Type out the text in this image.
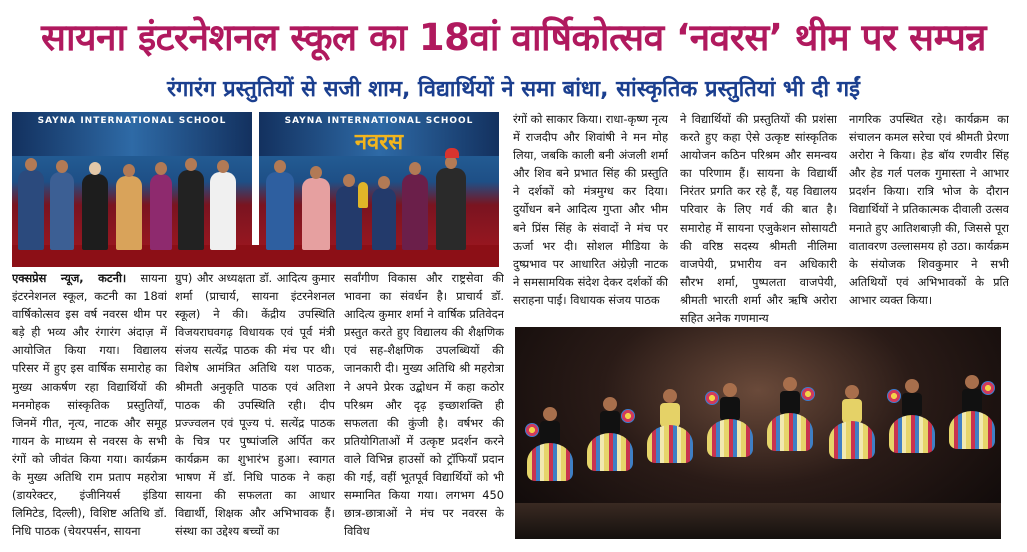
सायना इंटरनेशनल स्कूल का 18वां वार्षिकोत्सव ‘नवरस’ थीम पर सम्पन्न
रंगारंग प्रस्तुतियों से सजी शाम, विद्यार्थियों ने समा बांधा, सांस्कृतिक प्रस्तुतियां भी दी गईं
SAYNA INTERNATIONAL SCHOOL	SAYNA INTERNATIONAL SCHOOL
नवरस
एक्सप्रेस न्यूज, कटनी। सायना इंटरनेशनल स्कूल, कटनी का 18वां वार्षिकोत्सव इस वर्ष नवरस थीम पर बड़े ही भव्य और रंगारंग अंदाज़ में आयोजित किया गया। विद्यालय परिसर में हुए इस वार्षिक समारोह का मुख्य आकर्षण रहा विद्यार्थियों की मनमोहक सांस्कृतिक प्रस्तुतियाँ, जिनमें गीत, नृत्य, नाटक और समूह गायन के माध्यम से नवरस के सभी रंगों को जीवंत किया गया। कार्यक्रम के मुख्य अतिथि राम प्रताप महरोत्रा (डायरेक्टर, इंजीनियर्स इंडिया लिमिटेड, दिल्ली), विशिष्ट अतिथि डॉ. निधि पाठक (चेयरपर्सन, सायना
ग्रुप) और अध्यक्षता डॉ. आदित्य कुमार शर्मा (प्राचार्य, सायना इंटरनेशनल स्कूल) ने की। केंद्रीय उपस्थिति विजयराघवगढ़ विधायक एवं पूर्व मंत्री संजय सत्येंद्र पाठक की मंच पर थी। विशेष आमंत्रित अतिथि यश पाठक, श्रीमती अनुकृति पाठक एवं अतिशा पाठक की उपस्थिति रही। दीप प्रज्ज्वलन एवं पूज्य पं. सत्येंद्र पाठक के चित्र पर पुष्पांजलि अर्पित कर कार्यक्रम का शुभारंभ हुआ। स्वागत भाषण में डॉ. निधि पाठक ने कहा सायना की सफलता का आधार विद्यार्थी, शिक्षक और अभिभावक हैं। संस्था का उद्देश्य बच्चों का
सर्वांगीण विकास और राष्ट्रसेवा की भावना का संवर्धन है। प्राचार्य डॉ. आदित्य कुमार शर्मा ने वार्षिक प्रतिवेदन प्रस्तुत करते हुए विद्यालय की शैक्षणिक एवं सह-शैक्षणिक उपलब्धियों की जानकारी दी। मुख्य अतिथि श्री महरोत्रा ने अपने प्रेरक उद्बोधन में कहा कठोर परिश्रम और दृढ़ इच्छाशक्ति ही सफलता की कुंजी है। वर्षभर की प्रतियोगिताओं में उत्कृष्ट प्रदर्शन करने वाले विभिन्न हाउसों को ट्रॉफियाँ प्रदान की गई, वहीं भूतपूर्व विद्यार्थियों को भी सम्मानित किया गया। लगभग 450 छात्र-छात्राओं ने मंच पर नवरस के विविध
रंगों को साकार किया। राधा-कृष्ण नृत्य में राजदीप और शिवांषी ने मन मोह लिया, जबकि काली बनी अंजली शर्मा और शिव बने प्रभात सिंह की प्रस्तुति ने दर्शकों को मंत्रमुग्ध कर दिया। दुर्योधन बने आदित्य गुप्ता और भीम बने प्रिंस सिंह के संवादों ने मंच पर ऊर्जा भर दी। सोशल मीडिया के दुष्प्रभाव पर आधारित अंग्रेज़ी नाटक ने समसामयिक संदेश देकर दर्शकों की सराहना पाई। विधायक संजय पाठक
ने विद्यार्थियों की प्रस्तुतियों की प्रशंसा करते हुए कहा ऐसे उत्कृष्ट सांस्कृतिक आयोजन कठिन परिश्रम और समन्वय का परिणाम हैं। सायना के विद्यार्थी निरंतर प्रगति कर रहे हैं, यह विद्यालय परिवार के लिए गर्व की बात है। समारोह में सायना एजुकेशन सोसायटी की वरिष्ठ सदस्य श्रीमती नीलिमा वाजपेयी, प्रभारीय वन अधिकारी सौरभ शर्मा, पुष्पलता वाजपेयी, श्रीमती भारती शर्मा और ऋषि अरोरा सहित अनेक गणमान्य
नागरिक उपस्थित रहे। कार्यक्रम का संचालन कमल सरेचा एवं श्रीमती प्रेरणा अरोरा ने किया। हेड बॉय रणवीर सिंह और हेड गर्ल पलक गुमास्ता ने आभार प्रदर्शन किया। रात्रि भोज के दौरान विद्यार्थियों ने प्रतिकात्मक दीवाली उत्सव मनाते हुए आतिशबाज़ी की, जिससे पूरा वातावरण उल्लासमय हो उठा। कार्यक्रम के संयोजक शिवकुमार ने सभी अतिथियों एवं अभिभावकों के प्रति आभार व्यक्त किया।
